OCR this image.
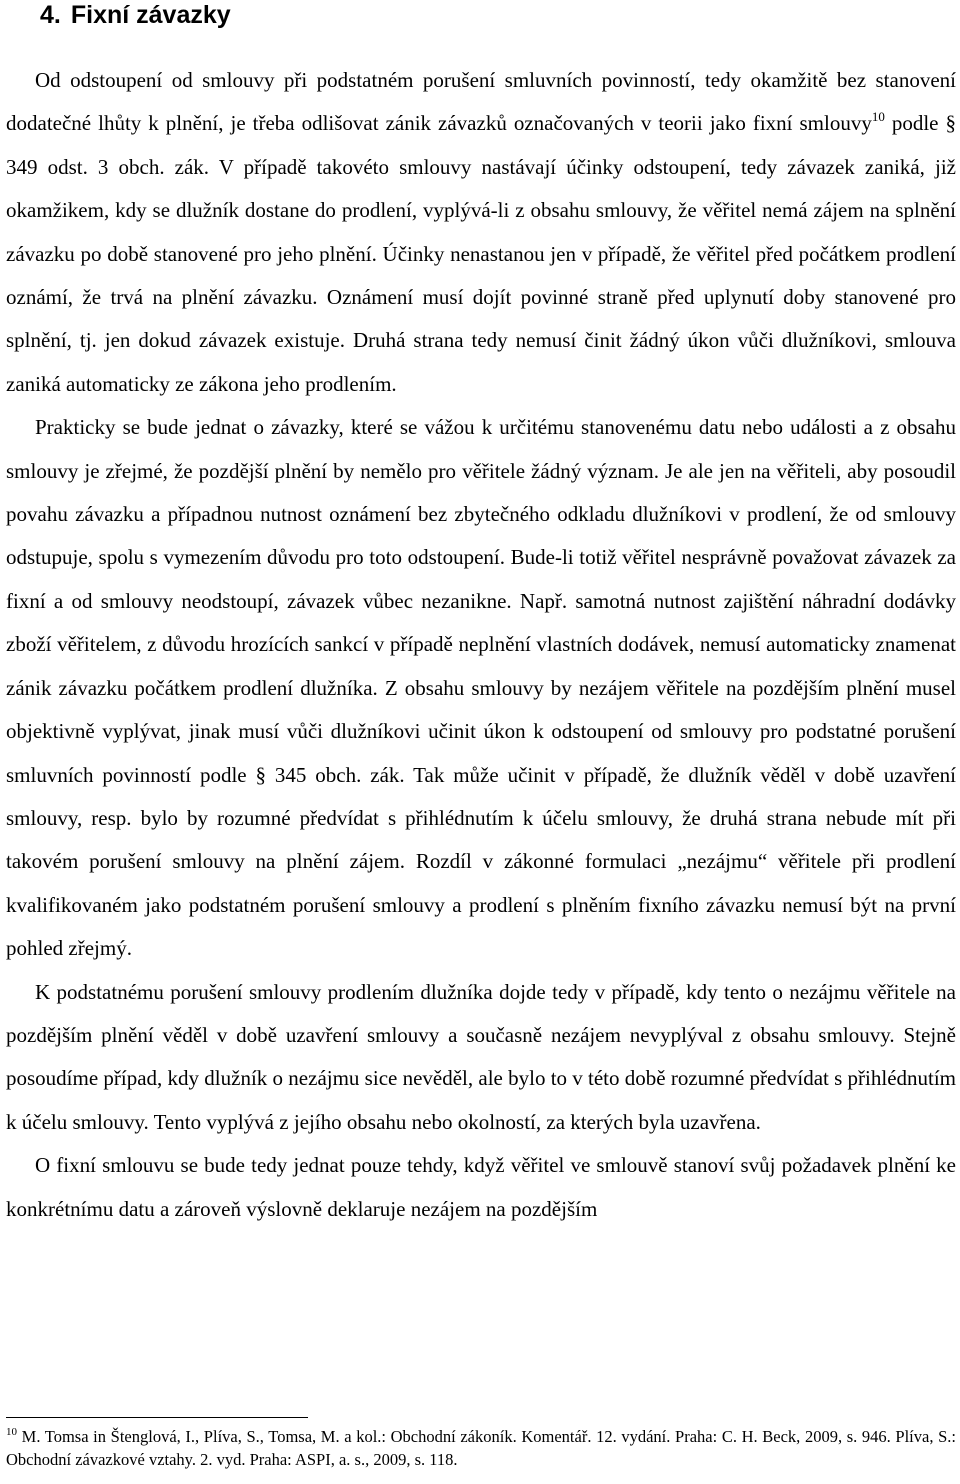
4. Fixní závazky

Od odstoupení od smlouvy při podstatném porušení smluvních povinností, tedy okamžitě bez stanovení dodatečné lhůty k plnění, je třeba odlišovat zánik závazků označovaných v teorii jako fixní smlouvy$^{10}$ podle § 349 odst. 3 obch. zák. V případě takovéto smlouvy nastávají účinky odstoupení, tedy závazek zaniká, již okamžikem, kdy se dlužník dostane do prodlení, vyplývá-li z obsahu smlouvy, že věřitel nemá zájem na splnění závazku po době stanovené pro jeho plnění. Účinky nenastanou jen v případě, že věřitel před počátkem prodlení oznámí, že trvá na plnění závazku. Oznámení musí dojít povinné straně před uplynutí doby stanovené pro splnění, tj. jen dokud závazek existuje. Druhá strana tedy nemusí činit žádný úkon vůči dlužníkovi, smlouva zaniká automaticky ze zákona jeho prodlením.

Prakticky se bude jednat o závazky, které se vážou k určitému stanovenému datu nebo události a z obsahu smlouvy je zřejmé, že pozdější plnění by nemělo pro věřitele žádný význam. Je ale jen na věřiteli, aby posoudil povahu závazku a případnou nutnost oznámení bez zbytečného odkladu dlužníkovi v prodlení, že od smlouvy odstupuje, spolu s vymezením důvodu pro toto odstoupení. Bude-li totiž věřitel nesprávně považovat závazek za fixní a od smlouvy neodstoupí, závazek vůbec nezanikne. Např. samotná nutnost zajištění náhradní dodávky zboží věřitelem, z důvodu hrozících sankcí v případě neplnění vlastních dodávek, nemusí automaticky znamenat zánik závazku počátkem prodlení dlužníka. Z obsahu smlouvy by nezájem věřitele na pozdějším plnění musel objektivně vyplývat, jinak musí vůči dlužníkovi učinit úkon k odstoupení od smlouvy pro podstatné porušení smluvních povinností podle § 345 obch. zák. Tak může učinit v případě, že dlužník věděl v době uzavření smlouvy, resp. bylo by rozumné předvídat s přihlédnutím k účelu smlouvy, že druhá strana nebude mít při takovém porušení smlouvy na plnění zájem. Rozdíl v zákonné formulaci „nezájmu“ věřitele při prodlení kvalifikovaném jako podstatném porušení smlouvy a prodlení s plněním fixního závazku nemusí být na první pohled zřejmý.

K podstatnému porušení smlouvy prodlením dlužníka dojde tedy v případě, kdy tento o nezájmu věřitele na pozdějším plnění věděl v době uzavření smlouvy a současně nezájem nevyplýval z obsahu smlouvy. Stejně posoudíme případ, kdy dlužník o nezájmu sice nevěděl, ale bylo to v této době rozumné předvídat s přihlédnutím k účelu smlouvy. Tento vyplývá z jejího obsahu nebo okolností, za kterých byla uzavřena.

O fixní smlouvu se bude tedy jednat pouze tehdy, když věřitel ve smlouvě stanoví svůj požadavek plnění ke konkrétnímu datu a zároveň výslovně deklaruje nezájem na pozdějším

$^{10}$ M. Tomsa in Štenglová, I., Plíva, S., Tomsa, M. a kol.: Obchodní zákoník. Komentář. 12. vydání. Praha: C. H. Beck, 2009, s. 946. Plíva, S.: Obchodní závazkové vztahy. 2. vyd. Praha: ASPI, a. s., 2009, s. 118.
